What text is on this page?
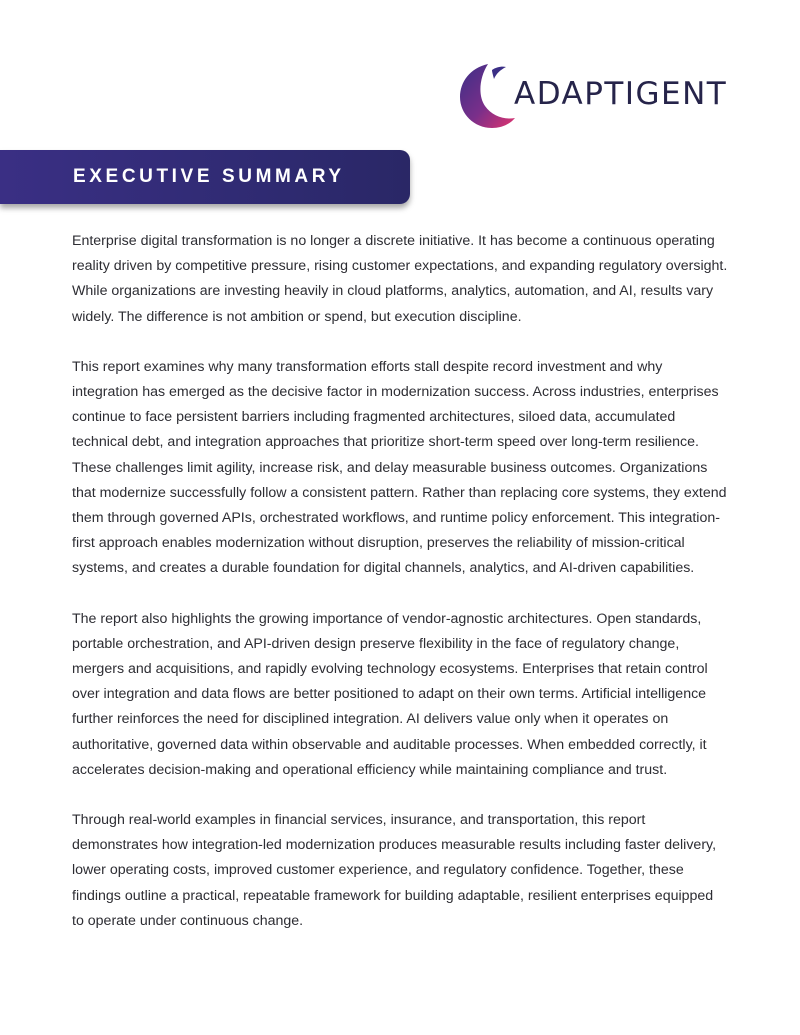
ADAPTIGENT
EXECUTIVE SUMMARY

Enterprise digital transformation is no longer a discrete initiative. It has become a continuous operating reality driven by competitive pressure, rising customer expectations, and expanding regulatory oversight. While organizations are investing heavily in cloud platforms, analytics, automation, and AI, results vary widely. The difference is not ambition or spend, but execution discipline.

This report examines why many transformation efforts stall despite record investment and why integration has emerged as the decisive factor in modernization success. Across industries, enterprises continue to face persistent barriers including fragmented architectures, siloed data, accumulated technical debt, and integration approaches that prioritize short-term speed over long-term resilience. These challenges limit agility, increase risk, and delay measurable business outcomes. Organizations that modernize successfully follow a consistent pattern. Rather than replacing core systems, they extend them through governed APIs, orchestrated workflows, and runtime policy enforcement. This integration-first approach enables modernization without disruption, preserves the reliability of mission-critical systems, and creates a durable foundation for digital channels, analytics, and AI-driven capabilities.

The report also highlights the growing importance of vendor-agnostic architectures. Open standards, portable orchestration, and API-driven design preserve flexibility in the face of regulatory change, mergers and acquisitions, and rapidly evolving technology ecosystems. Enterprises that retain control over integration and data flows are better positioned to adapt on their own terms. Artificial intelligence further reinforces the need for disciplined integration. AI delivers value only when it operates on authoritative, governed data within observable and auditable processes. When embedded correctly, it accelerates decision-making and operational efficiency while maintaining compliance and trust.

Through real-world examples in financial services, insurance, and transportation, this report demonstrates how integration-led modernization produces measurable results including faster delivery, lower operating costs, improved customer experience, and regulatory confidence. Together, these findings outline a practical, repeatable framework for building adaptable, resilient enterprises equipped to operate under continuous change.
